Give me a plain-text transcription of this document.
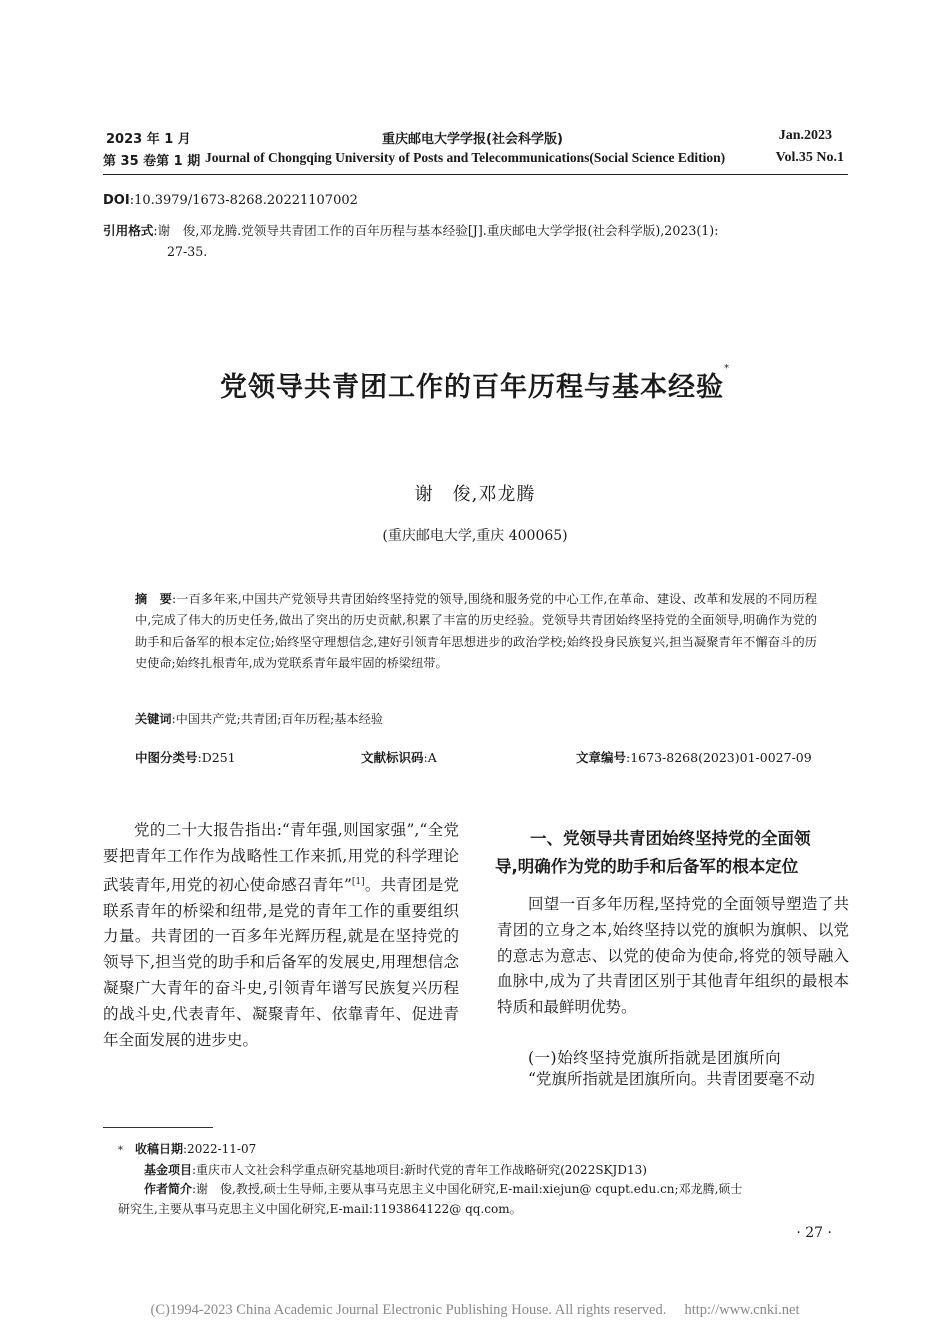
2023 年 1 月	重庆邮电大学学报(社会科学版)	Jan.2023
第 35 卷第 1 期 Journal of Chongqing University of Posts and Telecommunications(Social Science Edition)	Vol.35 No.1
DOI:10.3979/1673-8268.20221107002
引用格式:谢　俊,邓龙腾.党领导共青团工作的百年历程与基本经验[J].重庆邮电大学学报(社会科学版),2023(1):
27-35.
党领导共青团工作的百年历程与基本经验*
谢　俊,邓龙腾
(重庆邮电大学,重庆 400065)
摘　要:一百多年来,中国共产党领导共青团始终坚持党的领导,围绕和服务党的中心工作,在革命、建设、改革和发展的不同历程中,完成了伟大的历史任务,做出了突出的历史贡献,积累了丰富的历史经验。党领导共青团始终坚持党的全面领导,明确作为党的助手和后备军的根本定位;始终坚守理想信念,建好引领青年思想进步的政治学校;始终投身民族复兴,担当凝聚青年不懈奋斗的历史使命;始终扎根青年,成为党联系青年最牢固的桥梁纽带。
关键词:中国共产党;共青团;百年历程;基本经验
中图分类号:D251	文献标识码:A	文章编号:1673-8268(2023)01-0027-09

党的二十大报告指出:“青年强,则国家强”,“全党要把青年工作作为战略性工作来抓,用党的科学理论武装青年,用党的初心使命感召青年”[1]。共青团是党联系青年的桥梁和纽带,是党的青年工作的重要组织力量。共青团的一百多年光辉历程,就是在坚持党的领导下,担当党的助手和后备军的发展史,用理想信念凝聚广大青年的奋斗史,引领青年谱写民族复兴历程的战斗史,代表青年、凝聚青年、依靠青年、促进青年全面发展的进步史。

一、党领导共青团始终坚持党的全面领
导,明确作为党的助手和后备军的根本定位

回望一百多年历程,坚持党的全面领导塑造了共青团的立身之本,始终坚持以党的旗帜为旗帜、以党的意志为意志、以党的使命为使命,将党的领导融入血脉中,成为了共青团区别于其他青年组织的最根本特质和最鲜明优势。

(一)始终坚持党旗所指就是团旗所向

“党旗所指就是团旗所向。共青团要毫不动

* 收稿日期:2022-11-07
基金项目:重庆市人文社会科学重点研究基地项目:新时代党的青年工作战略研究(2022SKJD13)
作者简介:谢　俊,教授,硕士生导师,主要从事马克思主义中国化研究,E-mail:xiejun@ cqupt.edu.cn;邓龙腾,硕士
研究生,主要从事马克思主义中国化研究,E-mail:1193864122@ qq.com。
· 27 ·
(C)1994-2023 China Academic Journal Electronic Publishing House. All rights reserved.　 http://www.cnki.net
